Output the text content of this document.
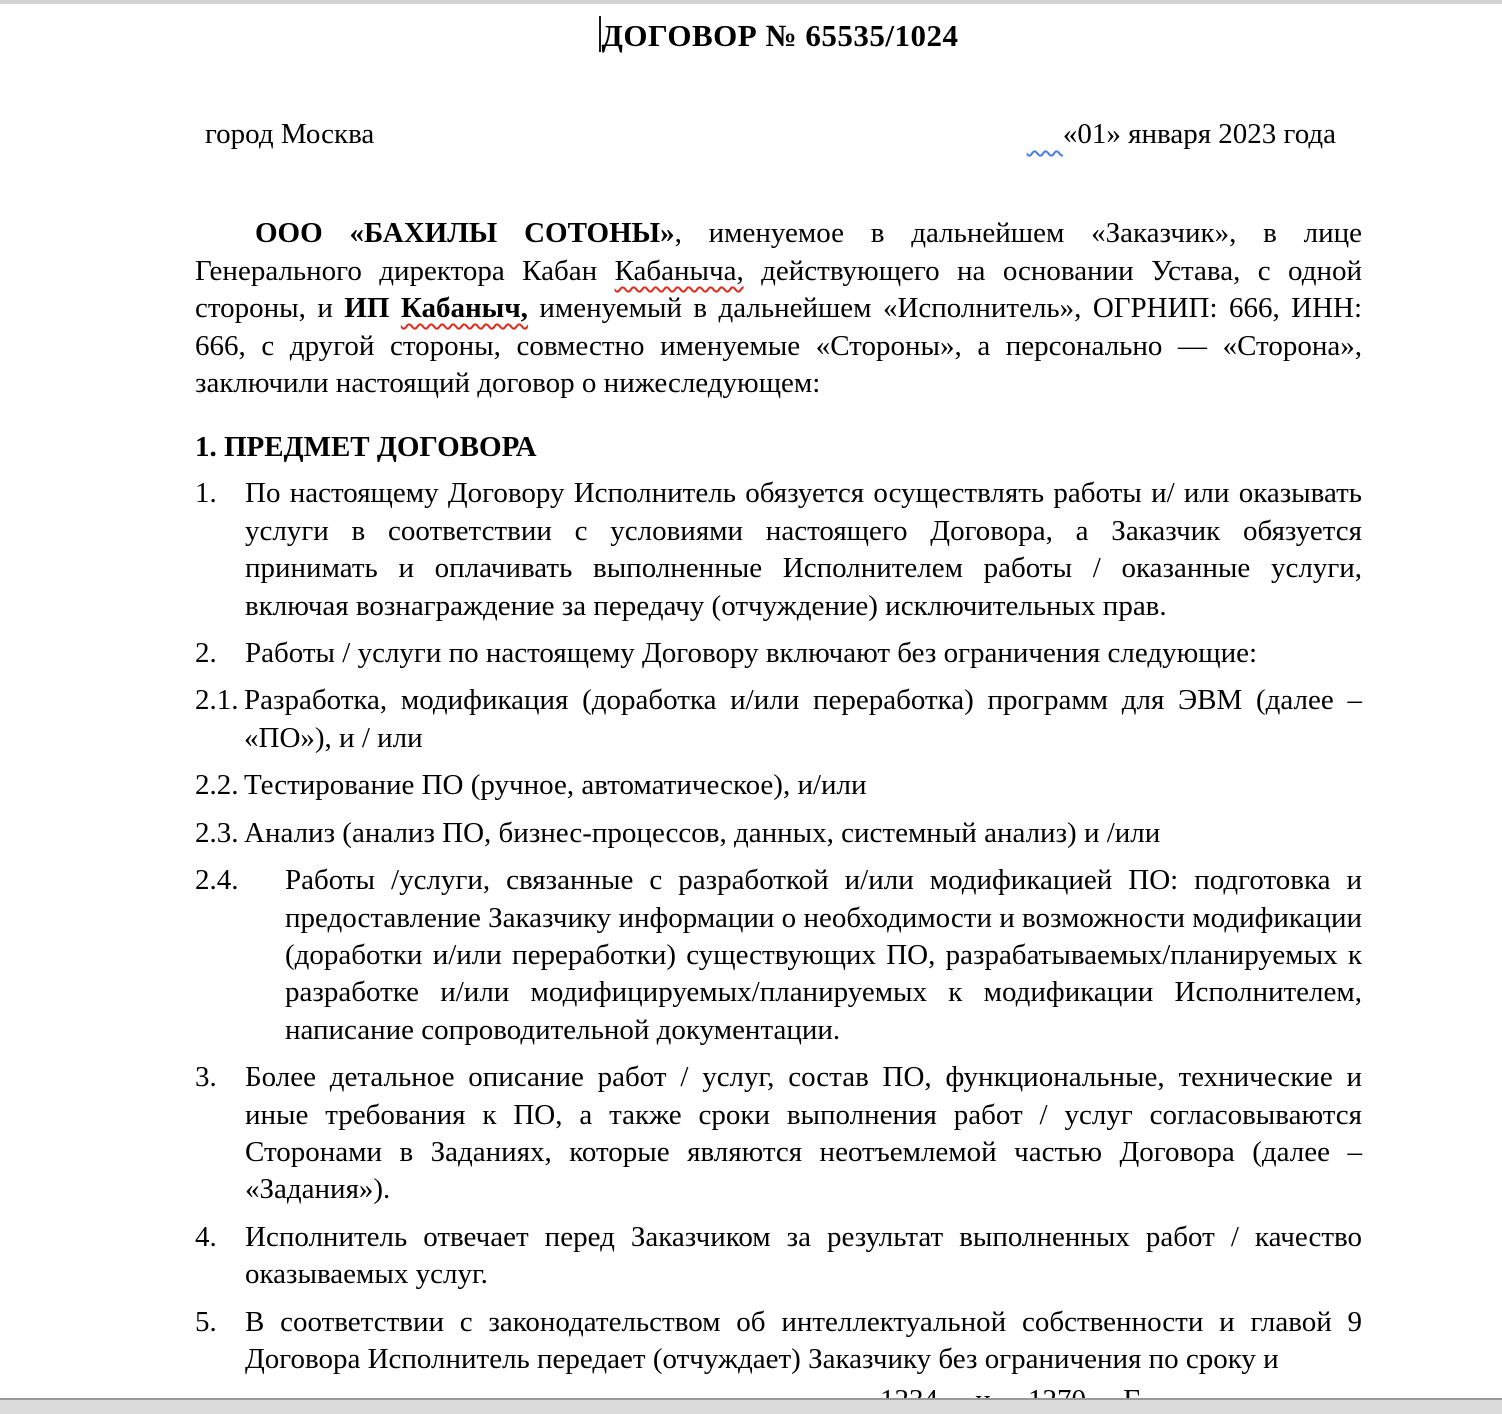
ДОГОВОР № 65535/1024
город Москва	«01» января 2023 года
ООО «БАХИЛЫ СОТОНЫ», именуемое в дальнейшем «Заказчик», в лице Генерального директора Кабан Кабаныча, действующего на основании Устава, с одной стороны, и ИП Кабаныч, именуемый в дальнейшем «Исполнитель», ОГРНИП: 666, ИНН: 666, с другой стороны, совместно именуемые «Стороны», а персонально — «Сторона», заключили настоящий договор о нижеследующем:
1. ПРЕДМЕТ ДОГОВОРА
1. По настоящему Договору Исполнитель обязуется осуществлять работы и/ или оказывать услуги в соответствии с условиями настоящего Договора, а Заказчик обязуется принимать и оплачивать выполненные Исполнителем работы / оказанные услуги, включая вознаграждение за передачу (отчуждение) исключительных прав.
2. Работы / услуги по настоящему Договору включают без ограничения следующие:
2.1. Разработка, модификация (доработка и/или переработка) программ для ЭВМ (далее – «ПО»), и / или
2.2. Тестирование ПО (ручное, автоматическое), и/или
2.3. Анализ (анализ ПО, бизнес-процессов, данных, системный анализ) и /или
2.4.	Работы /услуги, связанные с разработкой и/или модификацией ПО: подготовка и предоставление Заказчику информации о необходимости и возможности модификации (доработки и/или переработки) существующих ПО, разрабатываемых/планируемых к разработке и/или модифицируемых/планируемых к модификации Исполнителем, написание сопроводительной документации.
3. Более детальное описание работ / услуг, состав ПО, функциональные, технические и иные требования к ПО, а также сроки выполнения работ / услуг согласовываются Сторонами в Заданиях, которые являются неотъемлемой частью Договора (далее – «Задания»).
4. Исполнитель отвечает перед Заказчиком за результат выполненных работ / качество оказываемых услуг.
5. В соответствии с законодательством об интеллектуальной собственности и главой 9 Договора Исполнитель передает (отчуждает) Заказчику без ограничения по сроку и
